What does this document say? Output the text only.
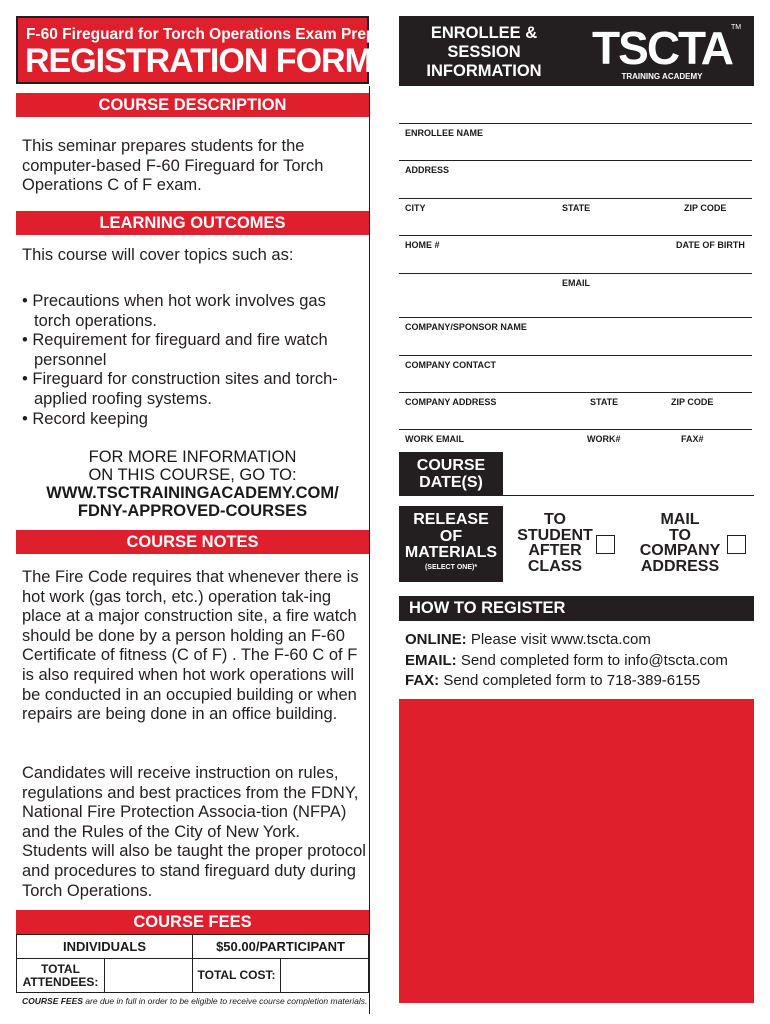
F-60 Fireguard for Torch Operations Exam Prep
REGISTRATION FORM
COURSE DESCRIPTION
This seminar prepares students for the
computer-based F-60 Fireguard for Torch
Operations C of F exam.
LEARNING OUTCOMES
This course will cover topics such as:
• Precautions when hot work involves gas torch operations.
• Requirement for fireguard and fire watch personnel
• Fireguard for construction sites and torch-applied roofing systems.
• Record keeping
FOR MORE INFORMATION
ON THIS COURSE, GO TO:
WWW.TSCTRAININGACADEMY.COM/
FDNY-APPROVED-COURSES
COURSE NOTES
The Fire Code requires that whenever there is hot work (gas torch, etc.) operation tak-ing place at a major construction site, a fire watch should be done by a person holding an F-60 Certificate of fitness (C of F) . The F-60 C of F is also required when hot work operations will be conducted in an occupied building or when repairs are being done in an office building.
Candidates will receive instruction on rules, regulations and best practices from the FDNY, National Fire Protection Associa-tion (NFPA) and the Rules of the City of New York. Students will also be taught the proper protocol and procedures to stand fireguard duty during Torch Operations.
COURSE FEES
INDIVIDUALS		$50.00/PARTICIPANT	
TOTAL ATTENDEES:		TOTAL COST:	
COURSE FEES are due in full in order to be eligible to receive course completion materials.
ENROLLEE &
SESSION
INFORMATION	TSCTA
TRAINING ACADEMY
TM
ENROLLEE NAME
ADDRESS
CITY	STATE	ZIP CODE
HOME #	DATE OF BIRTH
EMAIL
COMPANY/SPONSOR NAME
COMPANY CONTACT
COMPANY ADDRESS	STATE	ZIP CODE
WORK EMAIL	WORK#	FAX#
COURSE
DATE(S)
RELEASE
OF
MATERIALS
(SELECT ONE)*
TO
STUDENT
AFTER
CLASS
MAIL
TO
COMPANY
ADDRESS
HOW TO REGISTER
ONLINE: Please visit www.tscta.com
EMAIL: Send completed form to info@tscta.com
FAX: Send completed form to 718-389-6155
